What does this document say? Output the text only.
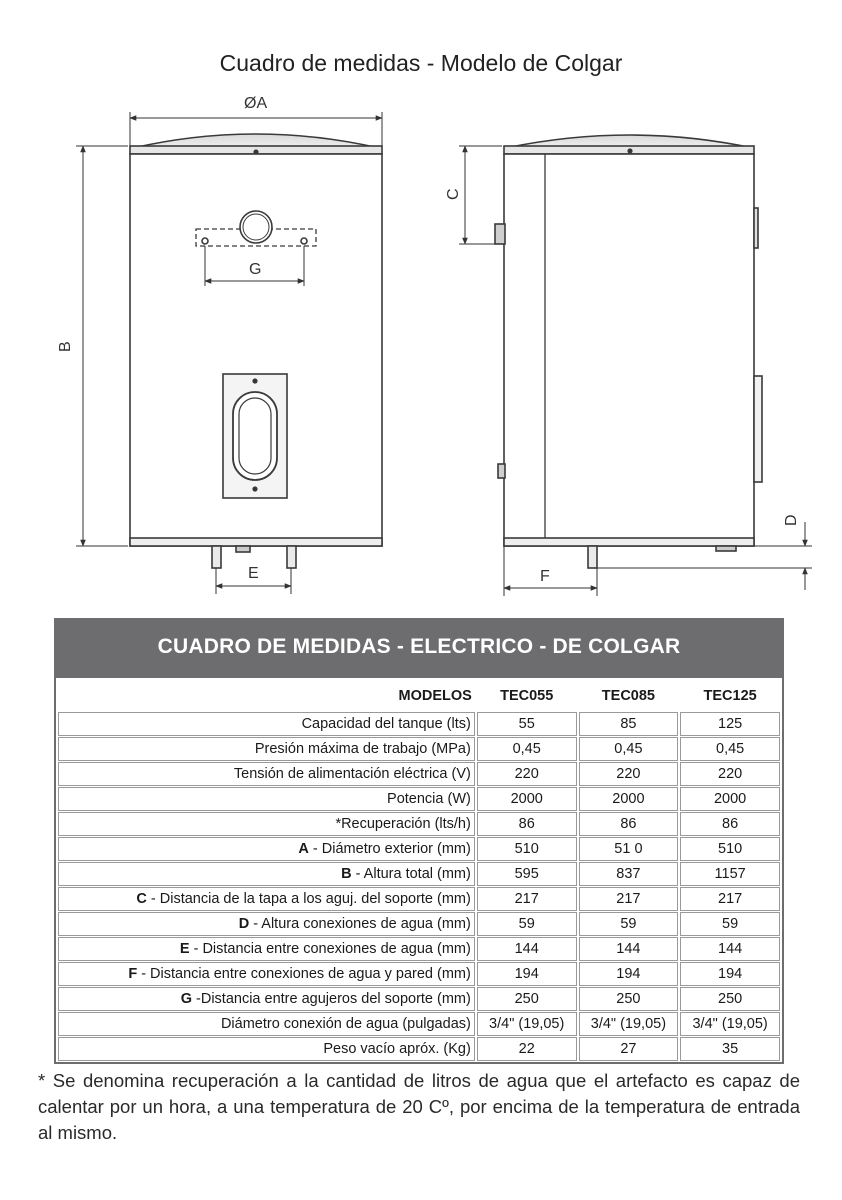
Cuadro de medidas - Modelo de Colgar
ØA
B
G
E
C
D
F
CUADRO DE MEDIDAS - ELECTRICO - DE COLGAR
MODELOS	TEC055	TEC085	TEC125
Capacidad del tanque (lts)	55	85	125
Presión máxima de trabajo (MPa)	0,45	0,45	0,45
Tensión de alimentación eléctrica (V)	220	220	220
Potencia (W)	2000	2000	2000
*Recuperación (lts/h)	86	86	86
A - Diámetro exterior (mm)	510	51 0	510
B - Altura total (mm)	595	837	1157
C - Distancia de la tapa a los aguj. del soporte (mm)	217	217	217
D - Altura conexiones de agua (mm)	59	59	59
E - Distancia entre conexiones de agua (mm)	144	144	144
F - Distancia entre conexiones de agua y pared (mm)	194	194	194
G -Distancia entre agujeros del soporte (mm)	250	250	250
Diámetro conexión de agua (pulgadas)	3/4" (19,05)	3/4" (19,05)	3/4" (19,05)
Peso vacío apróx. (Kg)	22	27	35
* Se denomina recuperación a la cantidad de litros de agua que el artefacto es capaz de calentar por un hora, a una temperatura de 20 Cº, por encima de la temperatura de entrada al mismo.
